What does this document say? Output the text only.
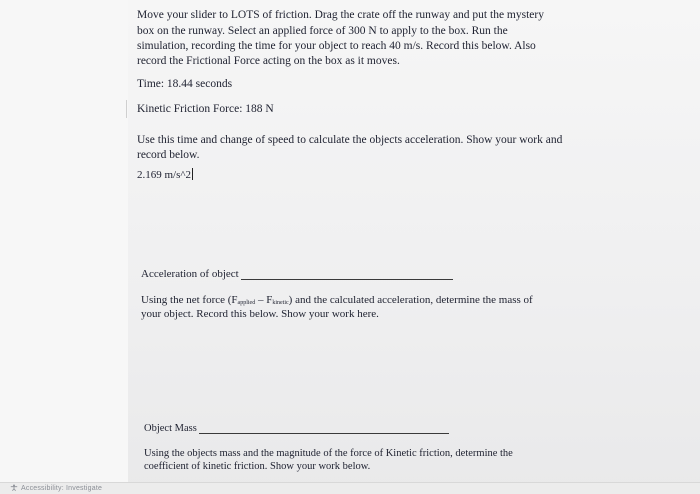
Move your slider to LOTS of friction. Drag the crate off the runway and put the mystery
box on the runway. Select an applied force of 300 N to apply to the box. Run the
simulation, recording the time for your object to reach 40 m/s. Record this below. Also
record the Frictional Force acting on the box as it moves.
Time: 18.44 seconds
Kinetic Friction Force: 188 N
Use this time and change of speed to calculate the objects acceleration. Show your work and
record below.
2.169 m/s^2
Acceleration of object
Using the net force (Fapplied – Fkinetic) and the calculated acceleration, determine the mass of
your object. Record this below. Show your work here.
Object Mass
Using the objects mass and the magnitude of the force of Kinetic friction, determine the
coefficient of kinetic friction. Show your work below.
Accessibility: Investigate
